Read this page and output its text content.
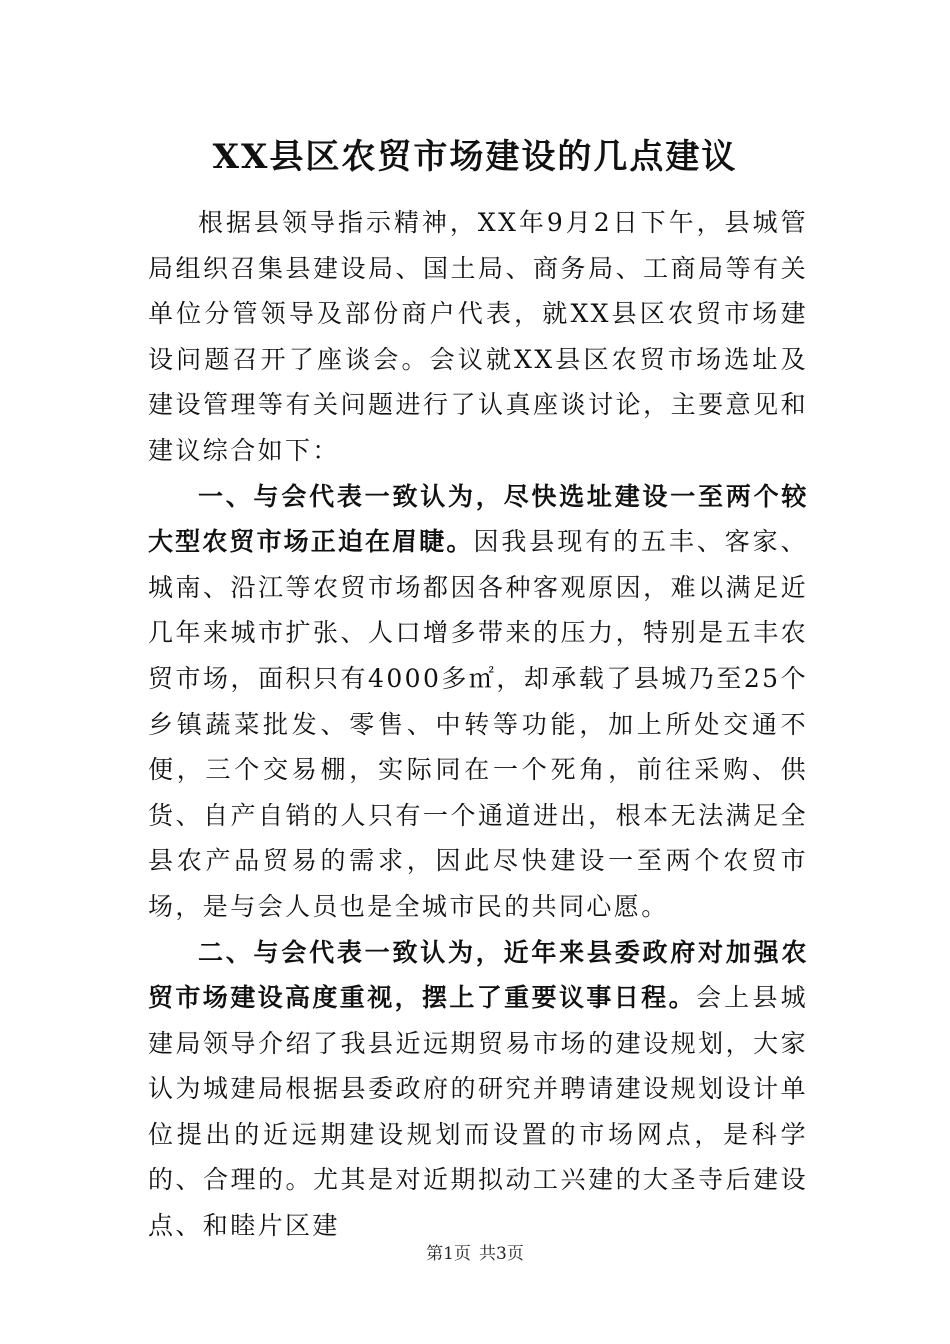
XX县区农贸市场建设的几点建议

根据县领导指示精神，XX年9月2日下午，县城管局组织召集县建设局、国土局、商务局、工商局等有关单位分管领导及部份商户代表，就XX县区农贸市场建设问题召开了座谈会。会议就XX县区农贸市场选址及建设管理等有关问题进行了认真座谈讨论，主要意见和建议综合如下：

一、与会代表一致认为，尽快选址建设一至两个较大型农贸市场正迫在眉睫。因我县现有的五丰、客家、城南、沿江等农贸市场都因各种客观原因，难以满足近几年来城市扩张、人口增多带来的压力，特别是五丰农贸市场，面积只有4000多㎡，却承载了县城乃至25个乡镇蔬菜批发、零售、中转等功能，加上所处交通不便，三个交易棚，实际同在一个死角，前往采购、供货、自产自销的人只有一个通道进出，根本无法满足全县农产品贸易的需求，因此尽快建设一至两个农贸市场，是与会人员也是全城市民的共同心愿。

二、与会代表一致认为，近年来县委政府对加强农贸市场建设高度重视，摆上了重要议事日程。会上县城建局领导介绍了我县近远期贸易市场的建设规划，大家认为城建局根据县委政府的研究并聘请建设规划设计单位提出的近远期建设规划而设置的市场网点，是科学的、合理的。尤其是对近期拟动工兴建的大圣寺后建设点、和睦片区建

第1页 共3页
